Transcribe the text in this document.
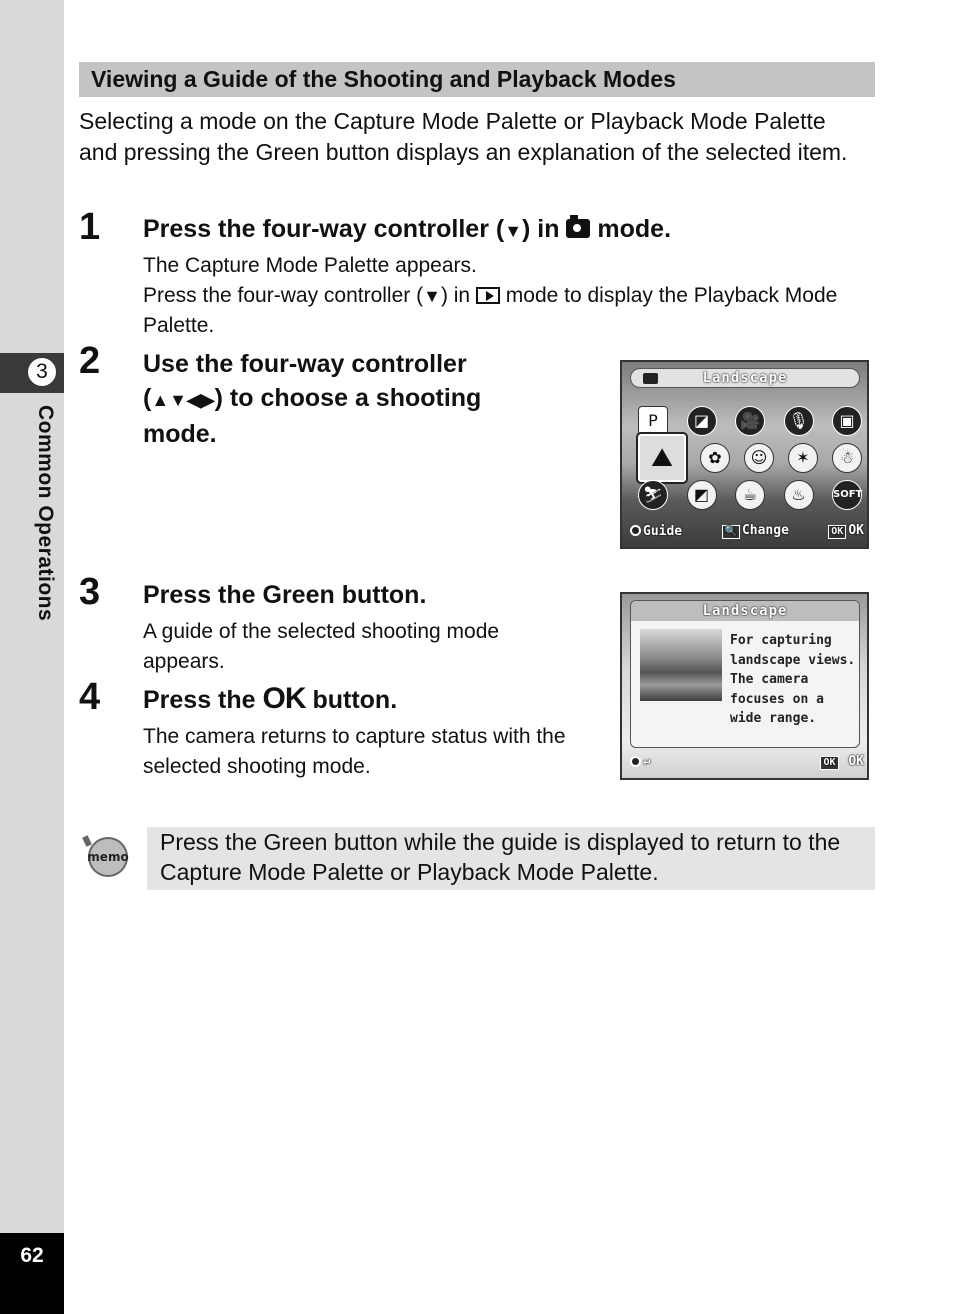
3
Common Operations
62
Viewing a Guide of the Shooting and Playback Modes
Selecting a mode on the Capture Mode Palette or Playback Mode Palette and pressing the Green button displays an explanation of the selected item.
1 Press the four-way controller (▼) in  mode.
The Capture Mode Palette appears.
Press the four-way controller (▼) in  mode to display the Playback Mode Palette.
2 Use the four-way controller
(▲▼◀▶) to choose a shooting
mode.
Landscape
P	◪	🎥	🎙	▣
⛰	✿	☺	✶	☃
⛷	◩	☕	♨	SOFT
Guide	🔍 Change	OK OK
3 Press the Green button.
A guide of the selected shooting mode appears.
4 Press the OK button.
The camera returns to capture status with the selected shooting mode.
Landscape
For capturing
landscape views.
The camera
focuses on a
wide range.
↩	OK OK
memo
Press the Green button while the guide is displayed to return to the Capture Mode Palette or Playback Mode Palette.
